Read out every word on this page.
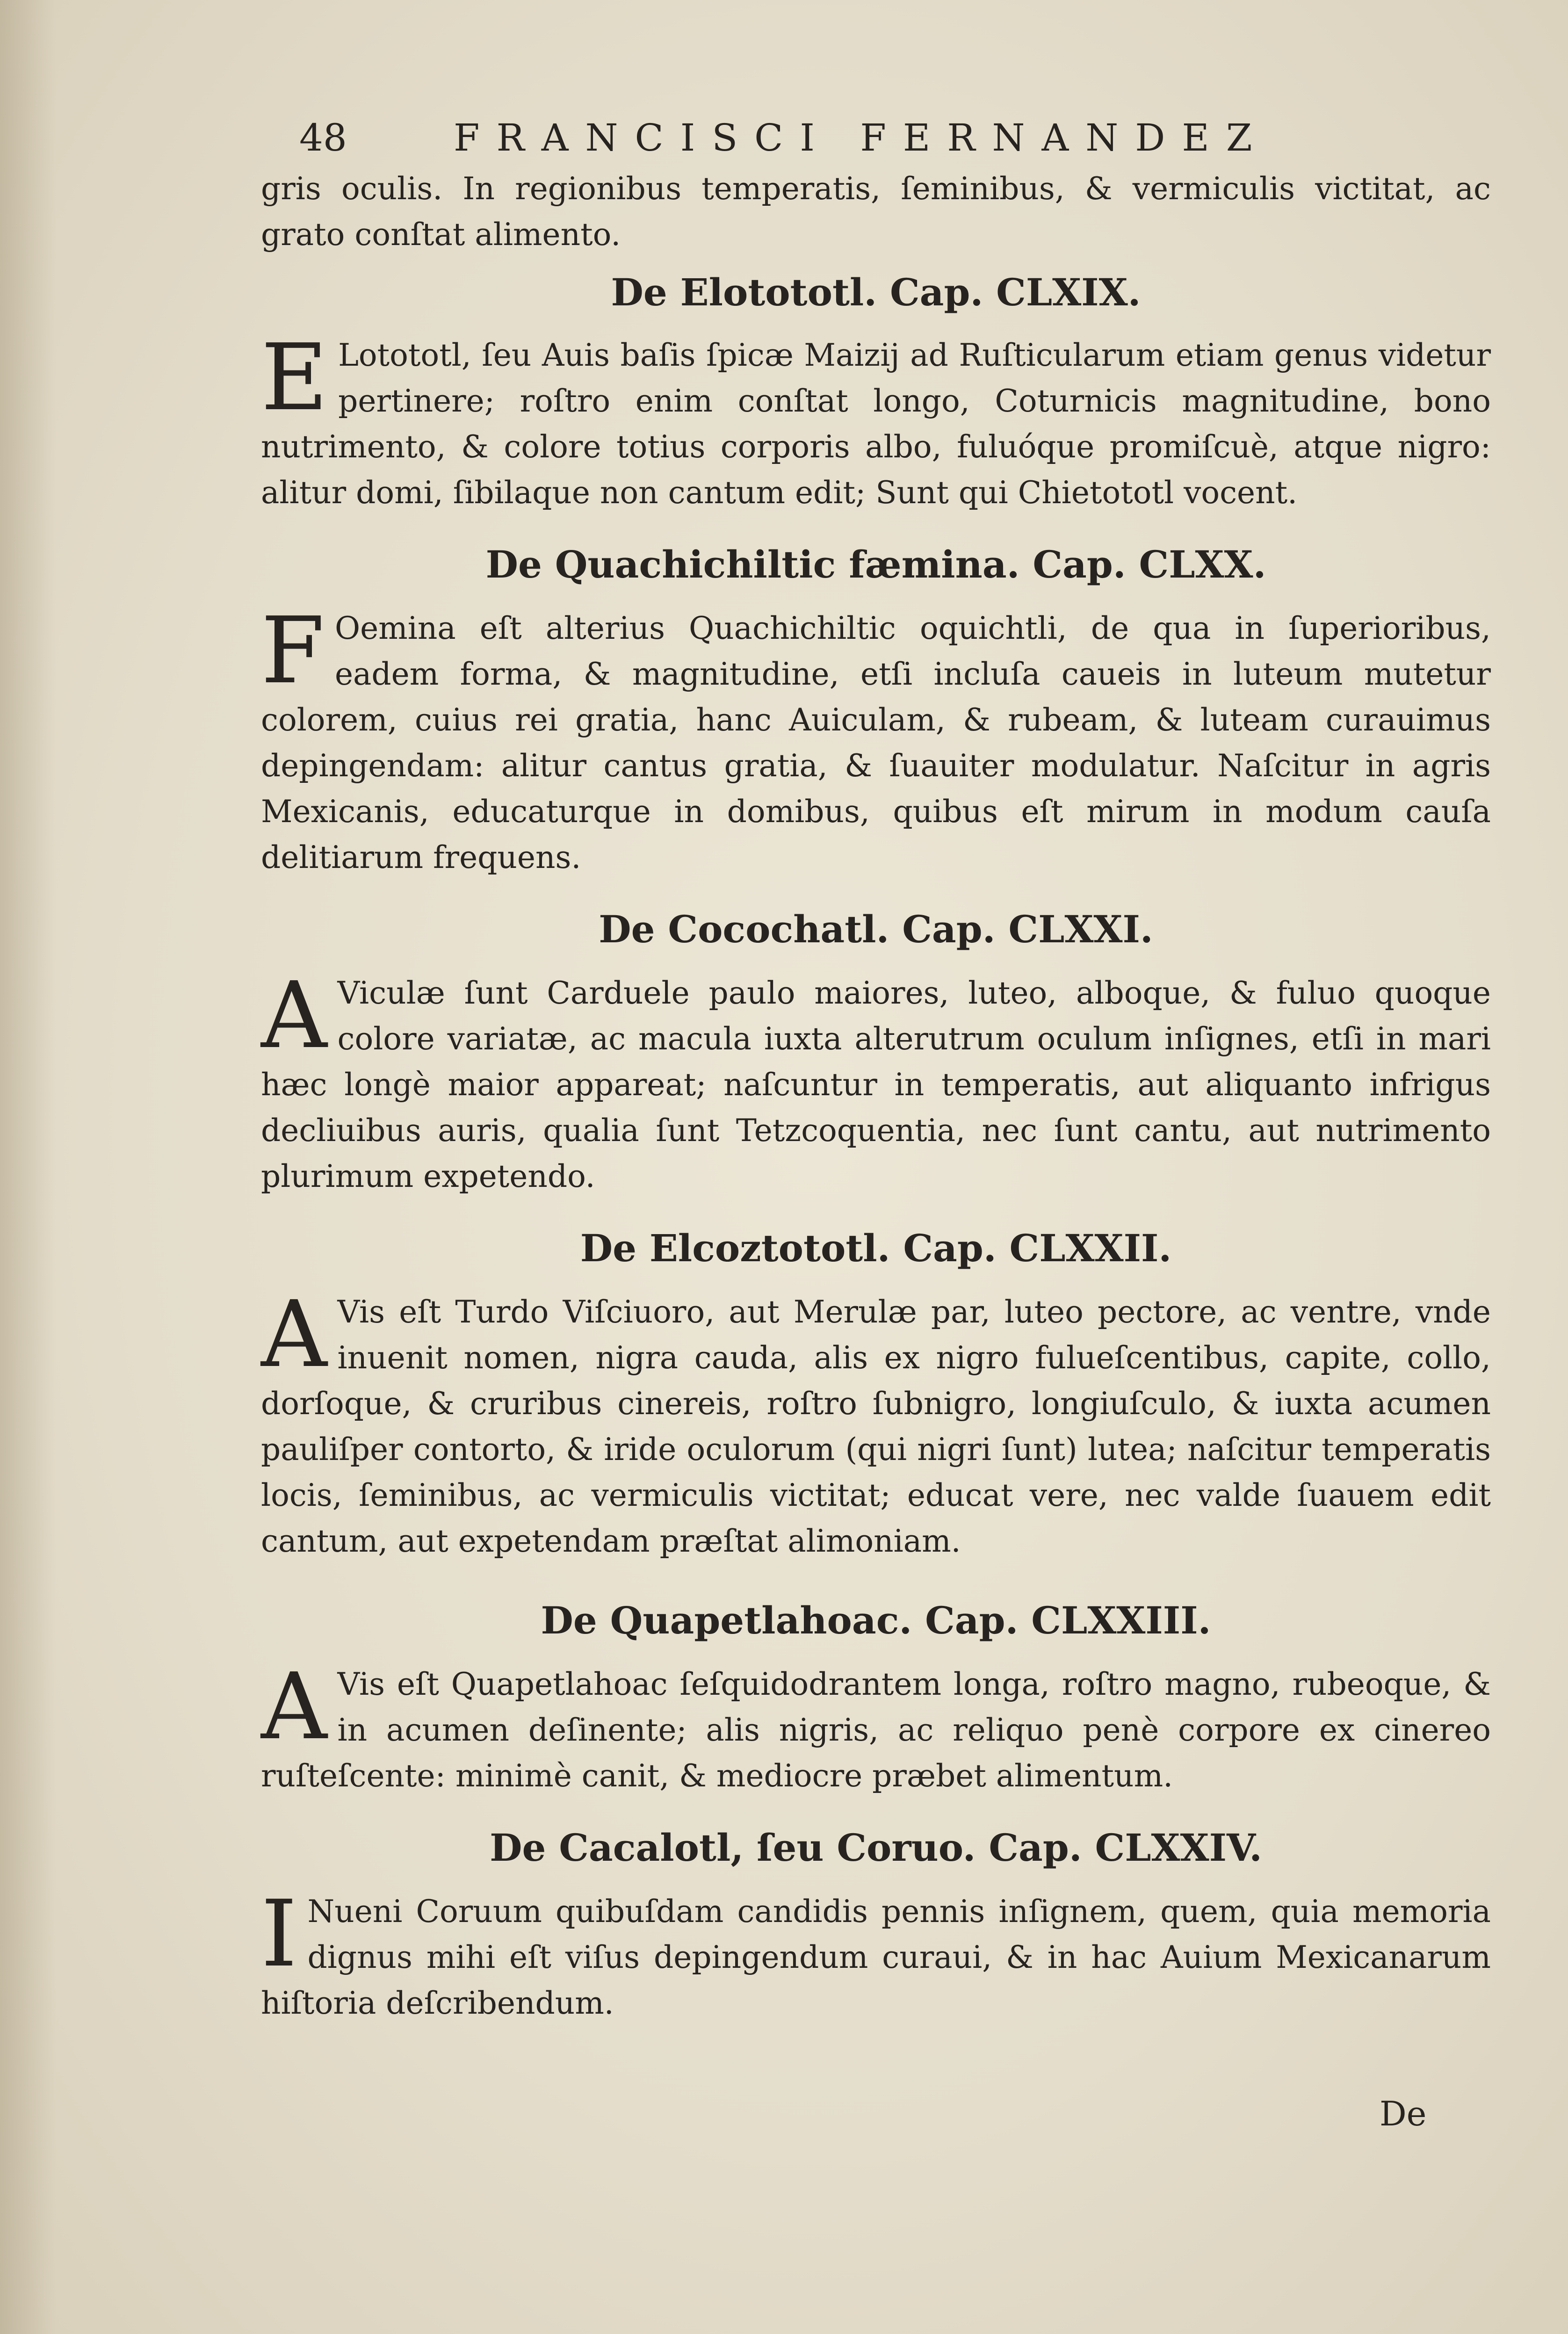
48	FRANCISCI FERNANDEZ

gris oculis. In regionibus temperatis, ſeminibus, & vermiculis victitat, ac grato conſtat alimento.

De Elotototl. Cap. CLXIX.

E Lotototl, ſeu Auis baſis ſpicæ Maizij ad Ruſticularum etiam genus videtur pertinere; roſtro enim conſtat longo, Coturnicis magnitudine, bono nutrimento, & colore totius corporis albo, fuluóque promiſcuè, atque nigro: alitur domi, ſibilaque non cantum edit; Sunt qui Chietototl vocent.

De Quachichiltic fæmina. Cap. CLXX.

F Oemina eſt alterius Quachichiltic oquichtli, de qua in ſuperioribus, eadem forma, & magnitudine, etſi incluſa caueis in luteum mutetur colorem, cuius rei gratia, hanc Auiculam, & rubeam, & luteam curauimus depingendam: alitur cantus gratia, & ſuauiter modulatur. Naſcitur in agris Mexicanis, educaturque in domibus, quibus eſt mirum in modum cauſa delitiarum frequens.

De Cocochatl. Cap. CLXXI.

A Viculæ ſunt Carduele paulo maiores, luteo, alboque, & fuluo quoque colore variatæ, ac macula iuxta alterutrum oculum inſignes, etſi in mari hæc longè maior appareat; naſcuntur in temperatis, aut aliquanto infrigus decliuibus auris, qualia ſunt Tetzcoquentia, nec ſunt cantu, aut nutrimento plurimum expetendo.

De Elcoztototl. Cap. CLXXII.

A Vis eſt Turdo Viſciuoro, aut Merulæ par, luteo pectore, ac ventre, vnde inuenit nomen, nigra cauda, alis ex nigro fulueſcentibus, capite, collo, dorſoque, & cruribus cinereis, roſtro ſubnigro, longiuſculo, & iuxta acumen pauliſper contorto, & iride oculorum (qui nigri ſunt) lutea; naſcitur temperatis locis, ſeminibus, ac vermiculis victitat; educat vere, nec valde ſuauem edit cantum, aut expetendam præſtat alimoniam.

De Quapetlahoac. Cap. CLXXIII.

A Vis eſt Quapetlahoac ſeſquidodrantem longa, roſtro magno, rubeoque, & in acumen deſinente; alis nigris, ac reliquo penè corpore ex cinereo ruſteſcente: minimè canit, & mediocre præbet alimentum.

De Cacalotl, ſeu Coruo. Cap. CLXXIV.

I Nueni Coruum quibuſdam candidis pennis inſignem, quem, quia memoria dignus mihi eſt viſus depingendum curaui, & in hac Auium Mexicanarum hiſtoria deſcribendum.

De
